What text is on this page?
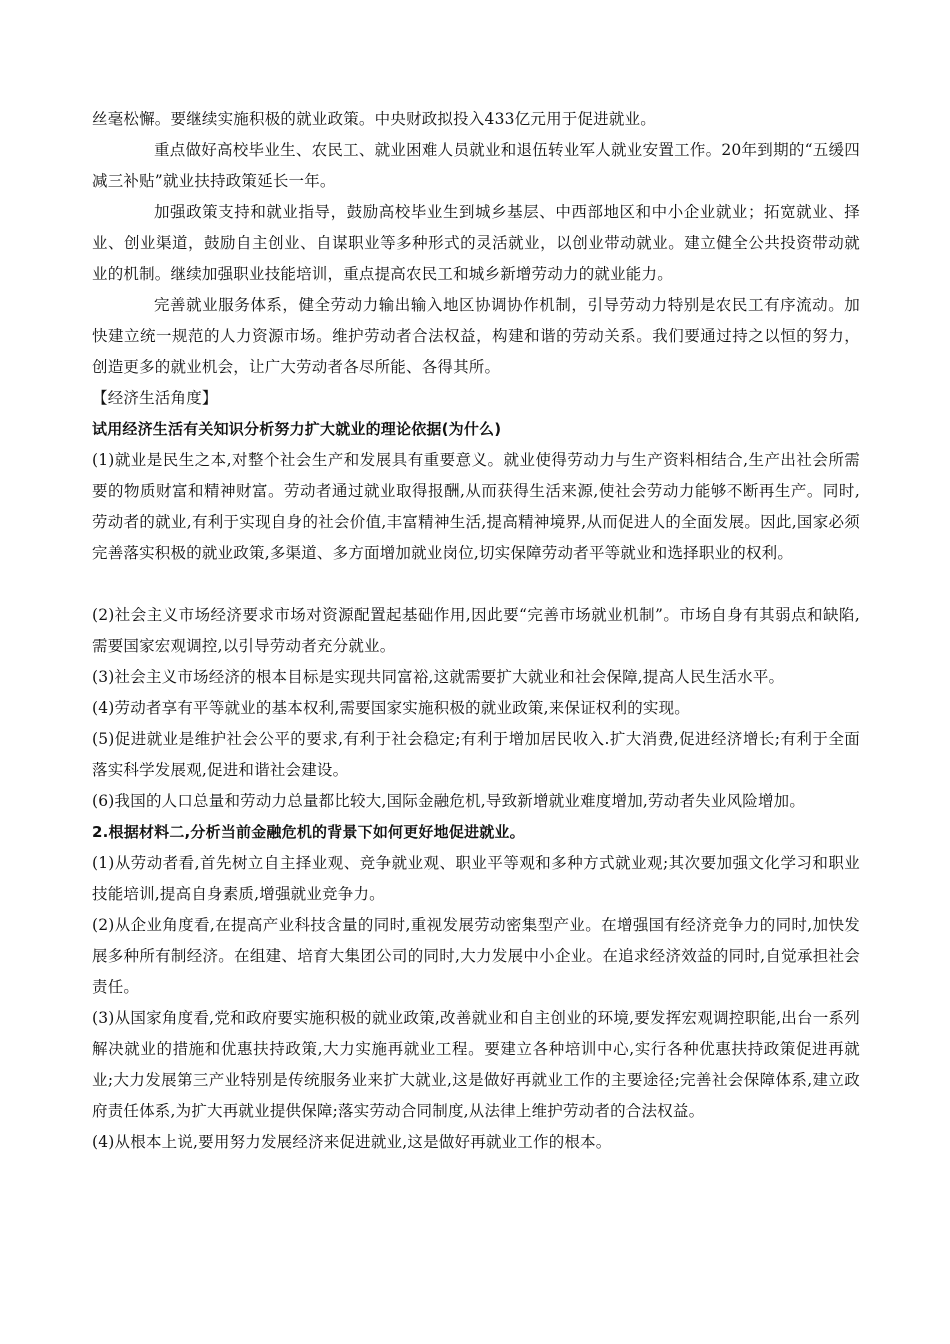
丝毫松懈。要继续实施积极的就业政策。中央财政拟投入433亿元用于促进就业。

重点做好高校毕业生、农民工、就业困难人员就业和退伍转业军人就业安置工作。20年到期的“五缓四减三补贴”就业扶持政策延长一年。

加强政策支持和就业指导，鼓励高校毕业生到城乡基层、中西部地区和中小企业就业；拓宽就业、择业、创业渠道，鼓励自主创业、自谋职业等多种形式的灵活就业，以创业带动就业。建立健全公共投资带动就业的机制。继续加强职业技能培训，重点提高农民工和城乡新增劳动力的就业能力。

完善就业服务体系，健全劳动力输出输入地区协调协作机制，引导劳动力特别是农民工有序流动。加快建立统一规范的人力资源市场。维护劳动者合法权益，构建和谐的劳动关系。我们要通过持之以恒的努力，创造更多的就业机会，让广大劳动者各尽所能、各得其所。

【经济生活角度】

试用经济生活有关知识分析努力扩大就业的理论依据(为什么)

(1)就业是民生之本,对整个社会生产和发展具有重要意义。就业使得劳动力与生产资料相结合,生产出社会所需要的物质财富和精神财富。劳动者通过就业取得报酬,从而获得生活来源,使社会劳动力能够不断再生产。同时,劳动者的就业,有利于实现自身的社会价值,丰富精神生活,提高精神境界,从而促进人的全面发展。因此,国家必须完善落实积极的就业政策,多渠道、多方面增加就业岗位,切实保障劳动者平等就业和选择职业的权利。

(2)社会主义市场经济要求市场对资源配置起基础作用,因此要“完善市场就业机制”。市场自身有其弱点和缺陷,需要国家宏观调控,以引导劳动者充分就业。

(3)社会主义市场经济的根本目标是实现共同富裕,这就需要扩大就业和社会保障,提高人民生活水平。

(4)劳动者享有平等就业的基本权利,需要国家实施积极的就业政策,来保证权利的实现。

(5)促进就业是维护社会公平的要求,有利于社会稳定;有利于增加居民收入.扩大消费,促进经济增长;有利于全面落实科学发展观,促进和谐社会建设。

(6)我国的人口总量和劳动力总量都比较大,国际金融危机,导致新增就业难度增加,劳动者失业风险增加。

2.根据材料二,分析当前金融危机的背景下如何更好地促进就业。

(1)从劳动者看,首先树立自主择业观、竞争就业观、职业平等观和多种方式就业观;其次要加强文化学习和职业技能培训,提高自身素质,增强就业竞争力。

(2)从企业角度看,在提高产业科技含量的同时,重视发展劳动密集型产业。在增强国有经济竞争力的同时,加快发展多种所有制经济。在组建、培育大集团公司的同时,大力发展中小企业。在追求经济效益的同时,自觉承担社会责任。

(3)从国家角度看,党和政府要实施积极的就业政策,改善就业和自主创业的环境,要发挥宏观调控职能,出台一系列解决就业的措施和优惠扶持政策,大力实施再就业工程。要建立各种培训中心,实行各种优惠扶持政策促进再就业;大力发展第三产业特别是传统服务业来扩大就业,这是做好再就业工作的主要途径;完善社会保障体系,建立政府责任体系,为扩大再就业提供保障;落实劳动合同制度,从法律上维护劳动者的合法权益。

(4)从根本上说,要用努力发展经济来促进就业,这是做好再就业工作的根本。
